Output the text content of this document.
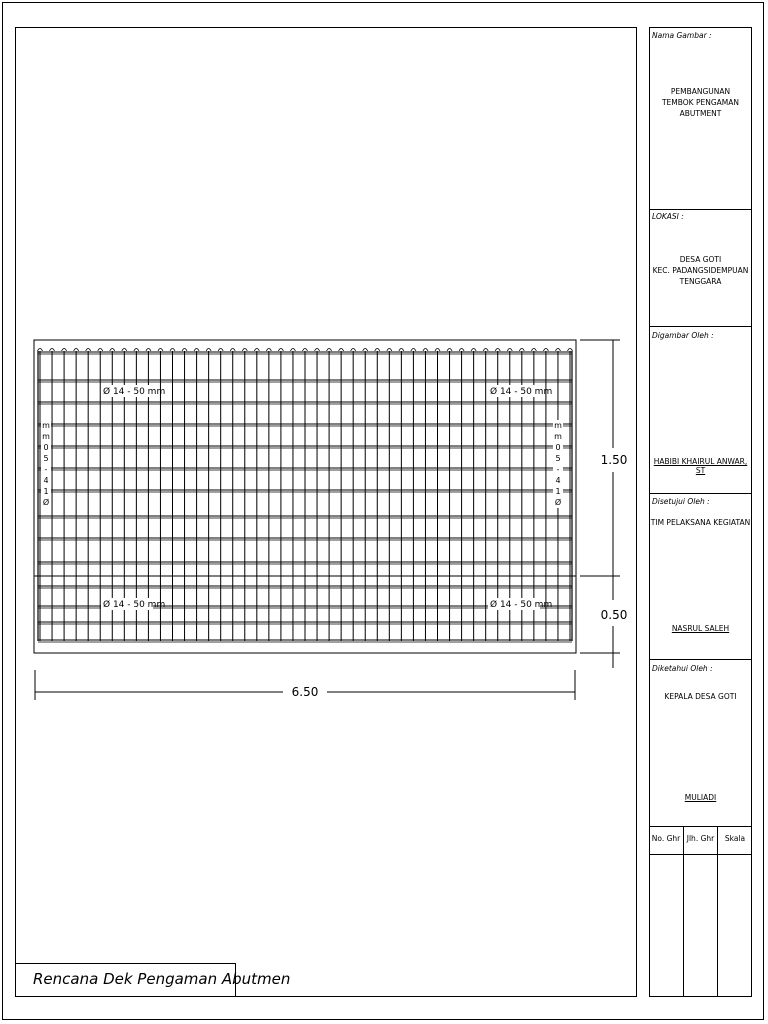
Nama Gambar :
PEMBANGUNAN
TEMBOK PENGAMAN
ABUTMENT
LOKASI :
DESA GOTI
KEC. PADANGSIDEMPUAN
TENGGARA
Digambar Oleh :
HABIBI KHAIRUL ANWAR, ST
Disetujui Oleh :
TIM PELAKSANA KEGIATAN
NASRUL SALEH
Diketahui Oleh :
KEPALA DESA GOTI
MULIADI
No. Ghr Jlh. Ghr	Skala
Rencana Dek Pengaman Abutmen
Ø 14 - 50 mm	Ø 14 - 50 mm
Ø 14 - 50 mm	Ø 14 - 50 mm
m
m
0
5
-
4
1
Ø
m
m
0
5
-
4
1
Ø
6.50
1.50
0.50
